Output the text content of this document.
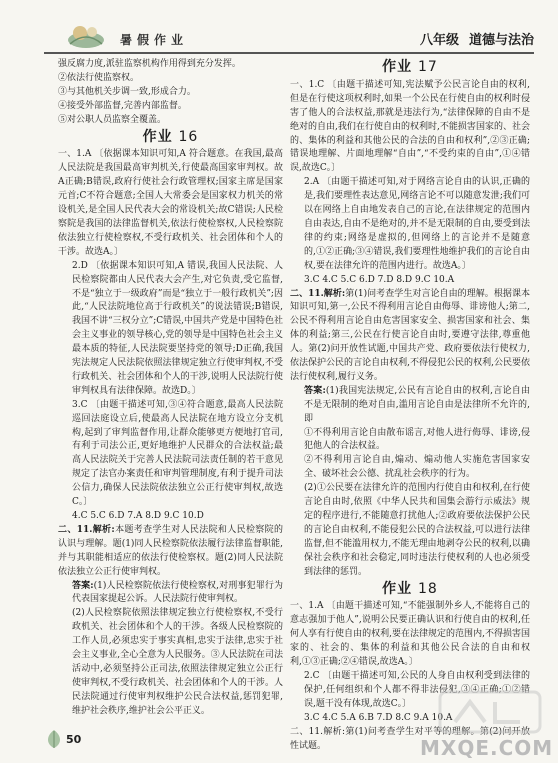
暑假作业	八年级 道德与法治

强反腐力度,派驻监察机构作用得到充分发挥。

②依法行使监察权。

③与其他机关步调一致,形成合力。

④接受外部监督,完善内部监督。

⑤对公职人员监察全覆盖。

作业 16

一、1.A 〔依据课本知识可知,A 符合题意。在我国,最高人民法院是我国最高审判机关,行使最高国家审判权。故A正确;B错误,政府行使社会行政管理权;国家主席是国家元首;C不符合题意;全国人大常委会是国家权力机关的常设机关,是全国人民代表大会的常设机关;故C错误;人民检察院是我国的法律监督机关,依法行使检察权,人民检察院依法独立行使检察权,不受行政机关、社会团体和个人的干涉。故选A。〕

2.D 〔依据课本知识可知,A 错误,我国人民法院、人民检察院都由人民代表大会产生,对它负责,受它监督,不是“独立于一级政府”而是“独立于一般行政机关”;因此,“人民法院地位高于行政机关”的说法错误;B错误,我国不讲“三权分立”;C错误,中国共产党是中国特色社会主义事业的领导核心,党的领导是中国特色社会主义最本质的特征,人民法院要坚持党的领导;D正确,我国宪法规定人民法院依照法律规定独立行使审判权,不受行政机关、社会团体和个人的干涉,说明人民法院行使审判权具有法律保障。故选D。〕

3.C 〔由题干描述可知,③④符合题意,最高人民法院巡回法庭设立后,使最高人民法院在地方设立分支机构,起到了审判监督作用,让群众能够更方便地打官司,有利于司法公正,更好地维护人民群众的合法权益;最高人民法院关于完善人民法院司法责任制的若干意见规定了法官办案责任和审判管理制度,有利于提升司法公信力,确保人民法院依法独立公正行使审判权,故选C。〕

4.C 5.C 6.D 7.A 8.D 9.C 10.D

二、11.解析:本题考查学生对人民法院和人民检察院的认识与理解。题(1)同人民检察院依法履行法律监督职能,并与其职能相适应的依法行使检察权。题(2)同人民法院依法独立公正行使审判权。

答案:(1)人民检察院依法行使检察权,对刑事犯罪行为代表国家提起公诉。人民法院行使审判权。

(2)人民检察院依照法律规定独立行使检察权,不受行政机关、社会团体和个人的干涉。各级人民检察院的工作人员,必须忠实于事实真相,忠实于法律,忠实于社会主义事业,全心全意为人民服务。③人民法院在司法活动中,必须坚持公正司法,依照法律规定独立公正行使审判权,不受行政机关、社会团体和个人的干涉。人民法院通过行使审判权维护公民合法权益,惩罚犯罪,维护社会秩序,维护社会公平正义。

作业 17

一、1.C 〔由题干描述可知,宪法赋予公民言论自由的权利,但是在行使这项权利时,如果一个公民在行使自由的权利时侵害了他人的合法权益,那就是违法行为,“法律保障的自由不是绝对的自由,我们在行使自由的权利时,不能损害国家的、社会的、集体的利益和其他公民的合法的自由和权利”,②③正确;错误地理解、片面地理解“自由”,“不受约束的自由”,①④错误,故选C。〕

2.A 〔由题干描述可知,对于网络言论自由的认识,正确的是,我们要理性表达意见,网络言论不可以随意发泄;我们可以在网络上自由地发表自己的言论,在法律规定的范围内自由表达,自由不是绝对的,并不是无限制的自由,要受到法律的约束;网络是虚拟的,但网络上的言论并不是随意的,①②正确;③④错误,我们要理性地维护我们的言论自由权,要在法律允许的范围内进行。故选A。〕

3.C 4.C 5.C 6.D 7.D 8.D 9.C 10.A

二、11.解析:第(1)问考查学生对言论自由的理解。根据课本知识可知,第一,公民不得利用言论自由侮辱、诽谤他人;第二,公民不得利用言论自由危害国家安全、损害国家和社会、集体的利益;第三,公民在行使言论自由时,要遵守法律,尊重他人。第(2)问开放性试题,中国共产党、政府要依法行使权力,依法保护公民的言论自由权利,不得侵犯公民的权利,公民要依法行使权利,履行义务。

答案:(1)我国宪法规定,公民有言论自由的权利,言论自由不是无限制的绝对自由,滥用言论自由是法律所不允许的,即

①不得利用言论自由散布谣言,对他人进行侮辱、诽谤,侵犯他人的合法权益。

②不得利用言论自由,煽动、煽动他人实施危害国家安全、破坏社会公德、扰乱社会秩序的行为。

(2)①公民要在法律允许的范围内行使自由和权利,在行使言论自由时,依照《中华人民共和国集会游行示威法》规定的程序进行,不能随意打扰他人;②政府要依法保护公民的言论自由权利,不能侵犯公民的合法权益,可以进行法律监督,但不能滥用权力,不能无理由地剥夺公民的权利,以确保社会秩序和社会稳定,同时违法行使权利的人也必须受到法律的惩罚。

作业 18

一、1.A 〔由题干描述可知,“不能强制外乡人,不能将自己的意志强加于他人”,说明公民要正确认识和行使自由的权利,任何人享有行使自由的权利,要在法律规定的范围内,不得损害国家的、社会的、集体的利益和其他公民合法的自由和权利,①③正确;②④错误,故选A。〕

2.C 〔由题干描述可知,公民的人身自由权利受到法律的保护,任何组织和个人都不得非法侵犯,③④正确;①②错误,题干没有体现,故选C。〕

3.C 4.C 5.A 6.B 7.D 8.C 9.A 10.A

二、11.解析:第(1)问考查学生对平等的理解。第(2)问开放性试题。

50	MXQE.COM
